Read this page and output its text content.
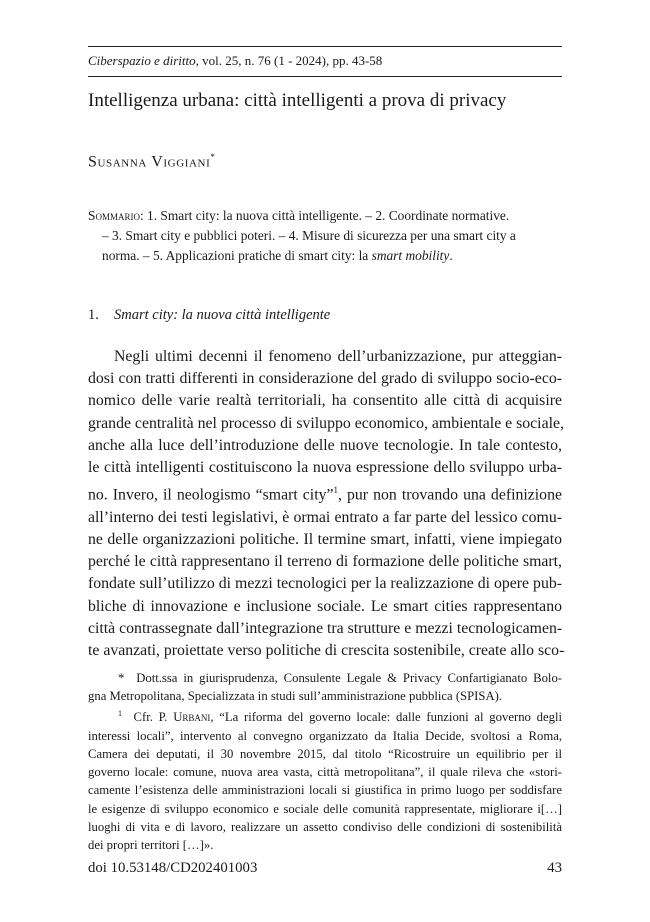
Ciberspazio e diritto, vol. 25, n. 76 (1 - 2024), pp. 43-58
Intelligenza urbana: città intelligenti a prova di privacy
Susanna Viggiani*
Sommario: 1. Smart city: la nuova città intelligente. – 2. Coordinate normative.
– 3. Smart city e pubblici poteri. – 4. Misure di sicurezza per una smart city a
norma. – 5. Applicazioni pratiche di smart city: la smart mobility.
1. Smart city: la nuova città intelligente
Negli ultimi decenni il fenomeno dell’urbanizzazione, pur atteggian-
dosi con tratti differenti in considerazione del grado di sviluppo socio-eco-
nomico delle varie realtà territoriali, ha consentito alle città di acquisire
grande centralità nel processo di sviluppo economico, ambientale e sociale,
anche alla luce dell’introduzione delle nuove tecnologie. In tale contesto,
le città intelligenti costituiscono la nuova espressione dello sviluppo urba-
no. Invero, il neologismo “smart city”$^1$, pur non trovando una definizione
all’interno dei testi legislativi, è ormai entrato a far parte del lessico comu-
ne delle organizzazioni politiche. Il termine smart, infatti, viene impiegato
perché le città rappresentano il terreno di formazione delle politiche smart,
fondate sull’utilizzo di mezzi tecnologici per la realizzazione di opere pub-
bliche di innovazione e inclusione sociale. Le smart cities rappresentano
città contrassegnate dall’integrazione tra strutture e mezzi tecnologicamen-
te avanzati, proiettate verso politiche di crescita sostenibile, create allo sco-
* Dott.ssa in giurisprudenza, Consulente Legale & Privacy Confartigianato Bolo-
gna Metropolitana, Specializzata in studi sull’amministrazione pubblica (SPISA).
$^1$ Cfr. P. Urbani, “La riforma del governo locale: dalle funzioni al governo degli
interessi locali”, intervento al convegno organizzato da Italia Decide, svoltosi a Roma,
Camera dei deputati, il 30 novembre 2015, dal titolo “Ricostruire un equilibrio per il
governo locale: comune, nuova area vasta, città metropolitana”, il quale rileva che «stori-
camente l’esistenza delle amministrazioni locali si giustifica in primo luogo per soddisfare
le esigenze di sviluppo economico e sociale delle comunità rappresentate, migliorare i[…]
luoghi di vita e di lavoro, realizzare un assetto condiviso delle condizioni di sostenibilità
dei propri territori […]».
doi 10.53148/CD202401003	43
